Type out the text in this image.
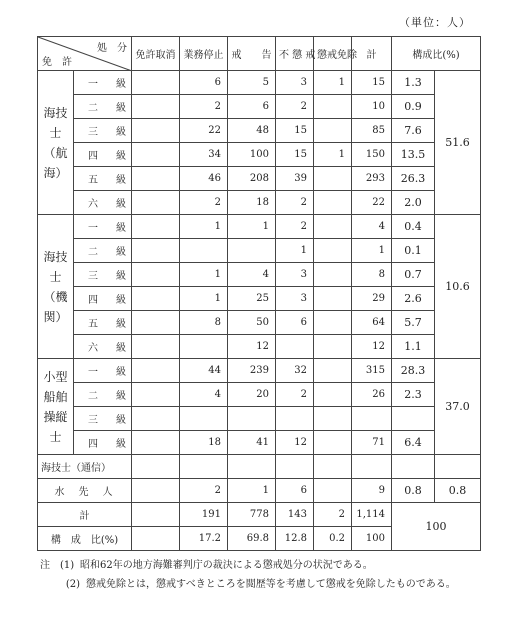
（単位：人）
処　分
免　許		免許取消	業務停止	戒　　告	不 懲 戒	懲戒免除	計	構成比(%)	
海技士（航海）	一級		6	5	3	1	15	1.3	51.6
	二級		2	6	2		10	0.9	
	三級		22	48	15		85	7.6	
	四級		34	100	15	1	150	13.5	
	五級		46	208	39		293	26.3	
	六級		2	18	2		22	2.0	
海技士（機関）	一級		1	1	2		4	0.4	10.6
	二級				1		1	0.1	
	三級		1	4	3		8	0.7	
	四級		1	25	3		29	2.6	
	五級		8	50	6		64	5.7	
	六級			12			12	1.1	
小型船舶操縦士	一級		44	239	32		315	28.3	37.0
	二級		4	20	2		26	2.3	
	三級								
	四級		18	41	12		71	6.4	
海技士（通信）									
水　先　人			2	1	6		9	0.8	0.8
計			191	778	143	2	1,114	100	
構　成　比(%)			17.2	69.8	12.8	0.2	100		
注　(1) 昭和62年の地方海難審判庁の裁決による懲戒処分の状況である。
(2) 懲戒免除とは，懲戒すべきところを閲歴等を考慮して懲戒を免除したものである。
